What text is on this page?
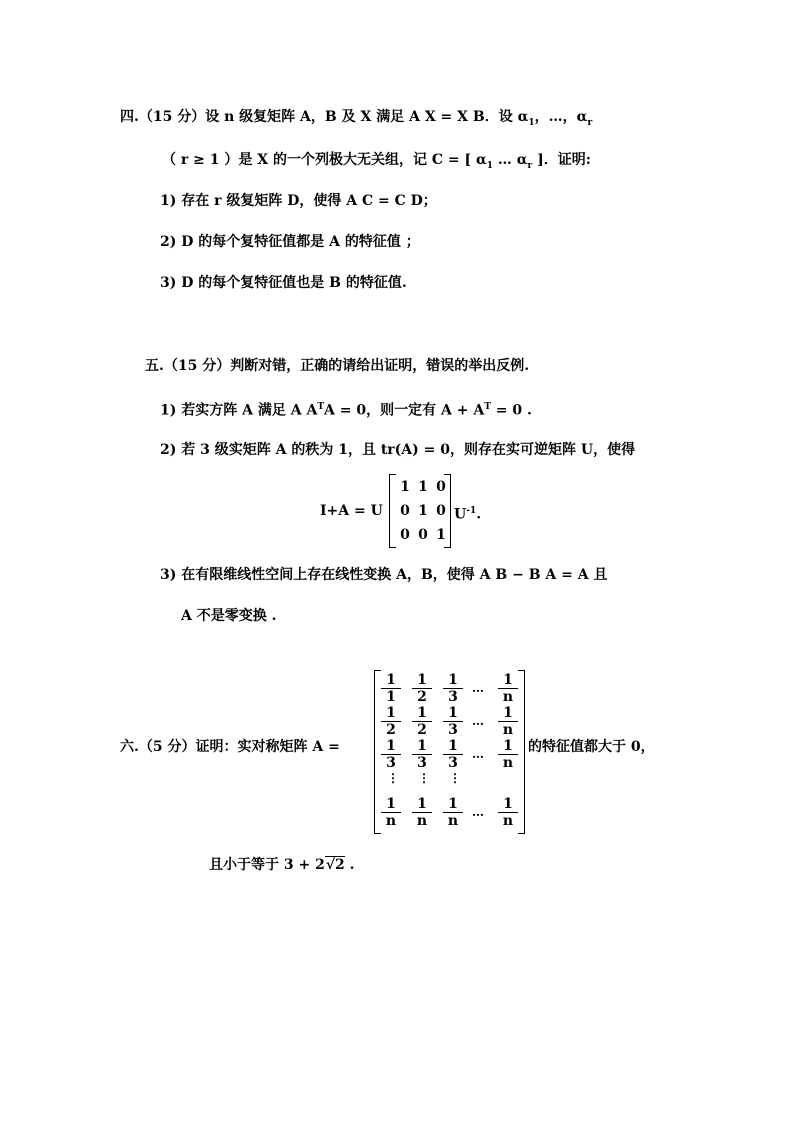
四.（15 分）设 n 级复矩阵 A，B 及 X 满足 A X = X B．设 $\alpha_1$，…，$\alpha_r$
（ r ≥ 1 ）是 X 的一个列极大无关组，记 C = [ $\alpha_1$ … $\alpha_r$ ]．证明:
1) 存在 r 级复矩阵 D，使得 A C = C D；
2) D 的每个复特征值都是 A 的特征值 ；
3) D 的每个复特征值也是 B 的特征值.
五.（15 分）判断对错，正确的请给出证明，错误的举出反例.
1) 若实方阵 A 满足 A $A^TA = 0$，则一定有 $A + A^T = 0$ .
2) 若 3 级实矩阵 A 的秩为 1，且 tr(A) = 0，则存在实可逆矩阵 U，使得
I+A = U
1 1 0
0 1 0
0 0 1
$U^{-1}$.
3) 在有限维线性空间上存在线性变换 A，B，使得 A B − B A = A 且
A 不是零变换 .
六.（5 分）证明：实对称矩阵 A =
$\frac{1}{1} \frac{1}{2} \frac{1}{3}$ … $\frac{1}{n}$
$\frac{1}{2} \frac{1}{2} \frac{1}{3}$ … $\frac{1}{n}$
$\frac{1}{3} \frac{1}{3} \frac{1}{3}$ … $\frac{1}{n}$
$\frac{1}{n} \frac{1}{n} \frac{1}{n}$ … $\frac{1}{n}$
⋮ ⋮ ⋮
的特征值都大于 0，
且小于等于 3 + 2√2 .
